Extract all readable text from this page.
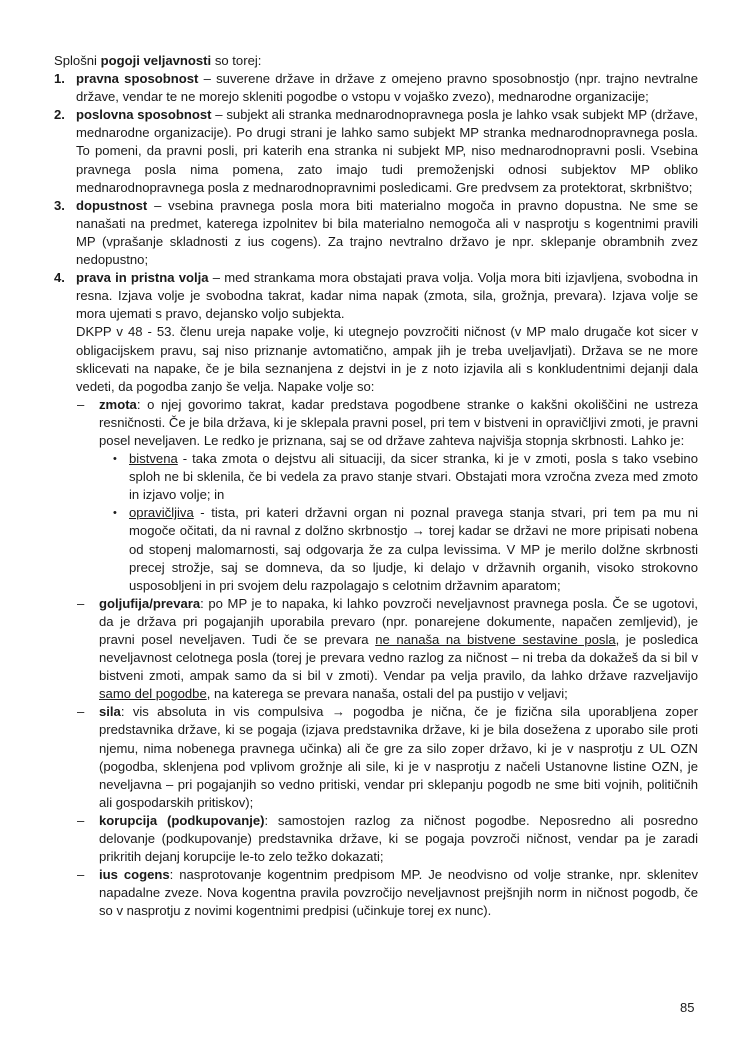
Splošni pogoji veljavnosti so torej:

1. pravna sposobnost – suverene države in države z omejeno pravno sposobnostjo (npr. trajno nevtralne države, vendar te ne morejo skleniti pogodbe o vstopu v vojaško zvezo), mednarodne organizacije;
2. poslovna sposobnost – subjekt ali stranka mednarodnopravnega posla je lahko vsak subjekt MP (države, mednarodne organizacije). Po drugi strani je lahko samo subjekt MP stranka mednarodnopravnega posla. To pomeni, da pravni posli, pri katerih ena stranka ni subjekt MP, niso mednarodnopravni posli. Vsebina pravnega posla nima pomena, zato imajo tudi premoženjski odnosi subjektov MP obliko mednarodnopravnega posla z mednarodnopravnimi posledicami. Gre predvsem za protektorat, skrbništvo;
3. dopustnost – vsebina pravnega posla mora biti materialno mogoča in pravno dopustna. Ne sme se nanašati na predmet, katerega izpolnitev bi bila materialno nemogoča ali v nasprotju s kogentnimi pravili MP (vprašanje skladnosti z ius cogens). Za trajno nevtralno državo je npr. sklepanje obrambnih zvez nedopustno;
4. prava in pristna volja – med strankama mora obstajati prava volja. Volja mora biti izjavljena, svobodna in resna. Izjava volje je svobodna takrat, kadar nima napak (zmota, sila, grožnja, prevara). Izjava volje se mora ujemati s pravo, dejansko voljo subjekta.

DKPP v 48 - 53. členu ureja napake volje, ki utegnejo povzročiti ničnost (v MP malo drugače kot sicer v obligacijskem pravu, saj niso priznanje avtomatično, ampak jih je treba uveljavljati). Država se ne more sklicevati na napake, če je bila seznanjena z dejstvi in je z noto izjavila ali s konkludentnimi dejanji dala vedeti, da pogodba zanjo še velja. Napake volje so:

– zmota: o njej govorimo takrat, kadar predstava pogodbene stranke o kakšni okoliščini ne ustreza resničnosti. Če je bila država, ki je sklepala pravni posel, pri tem v bistveni in opravičljivi zmoti, je pravni posel neveljaven. Le redko je priznana, saj se od države zahteva najvišja stopnja skrbnosti. Lahko je:
• bistvena - taka zmota o dejstvu ali situaciji, da sicer stranka, ki je v zmoti, posla s tako vsebino sploh ne bi sklenila, če bi vedela za pravo stanje stvari. Obstajati mora vzročna zveza med zmoto in izjavo volje; in
• opravičljiva - tista, pri kateri državni organ ni poznal pravega stanja stvari, pri tem pa mu ni mogoče očitati, da ni ravnal z dolžno skrbnostjo → torej kadar se državi ne more pripisati nobena od stopenj malomarnosti, saj odgovarja že za culpa levissima. V MP je merilo dolžne skrbnosti precej strožje, saj se domneva, da so ljudje, ki delajo v državnih organih, visoko strokovno usposobljeni in pri svojem delu razpolagajo s celotnim državnim aparatom;
– goljufija/prevara: po MP je to napaka, ki lahko povzroči neveljavnost pravnega posla. Če se ugotovi, da je država pri pogajanjih uporabila prevaro (npr. ponarejene dokumente, napačen zemljevid), je pravni posel neveljaven. Tudi če se prevara ne nanaša na bistvene sestavine posla, je posledica neveljavnost celotnega posla (torej je prevara vedno razlog za ničnost – ni treba da dokažeš da si bil v bistveni zmoti, ampak samo da si bil v zmoti). Vendar pa velja pravilo, da lahko države razveljavijo samo del pogodbe, na katerega se prevara nanaša, ostali del pa pustijo v veljavi;
– sila: vis absoluta in vis compulsiva → pogodba je nična, če je fizična sila uporabljena zoper predstavnika države, ki se pogaja (izjava predstavnika države, ki je bila dosežena z uporabo sile proti njemu, nima nobenega pravnega učinka) ali če gre za silo zoper državo, ki je v nasprotju z UL OZN (pogodba, sklenjena pod vplivom grožnje ali sile, ki je v nasprotju z načeli Ustanovne listine OZN, je neveljavna – pri pogajanjih so vedno pritiski, vendar pri sklepanju pogodb ne sme biti vojnih, političnih ali gospodarskih pritiskov);
– korupcija (podkupovanje): samostojen razlog za ničnost pogodbe. Neposredno ali posredno delovanje (podkupovanje) predstavnika države, ki se pogaja povzroči ničnost, vendar pa je zaradi prikritih dejanj korupcije le-to zelo težko dokazati;
– ius cogens: nasprotovanje kogentnim predpisom MP. Je neodvisno od volje stranke, npr. sklenitev napadalne zveze. Nova kogentna pravila povzročijo neveljavnost prejšnjih norm in ničnost pogodb, če so v nasprotju z novimi kogentnimi predpisi (učinkuje torej ex nunc).
85
